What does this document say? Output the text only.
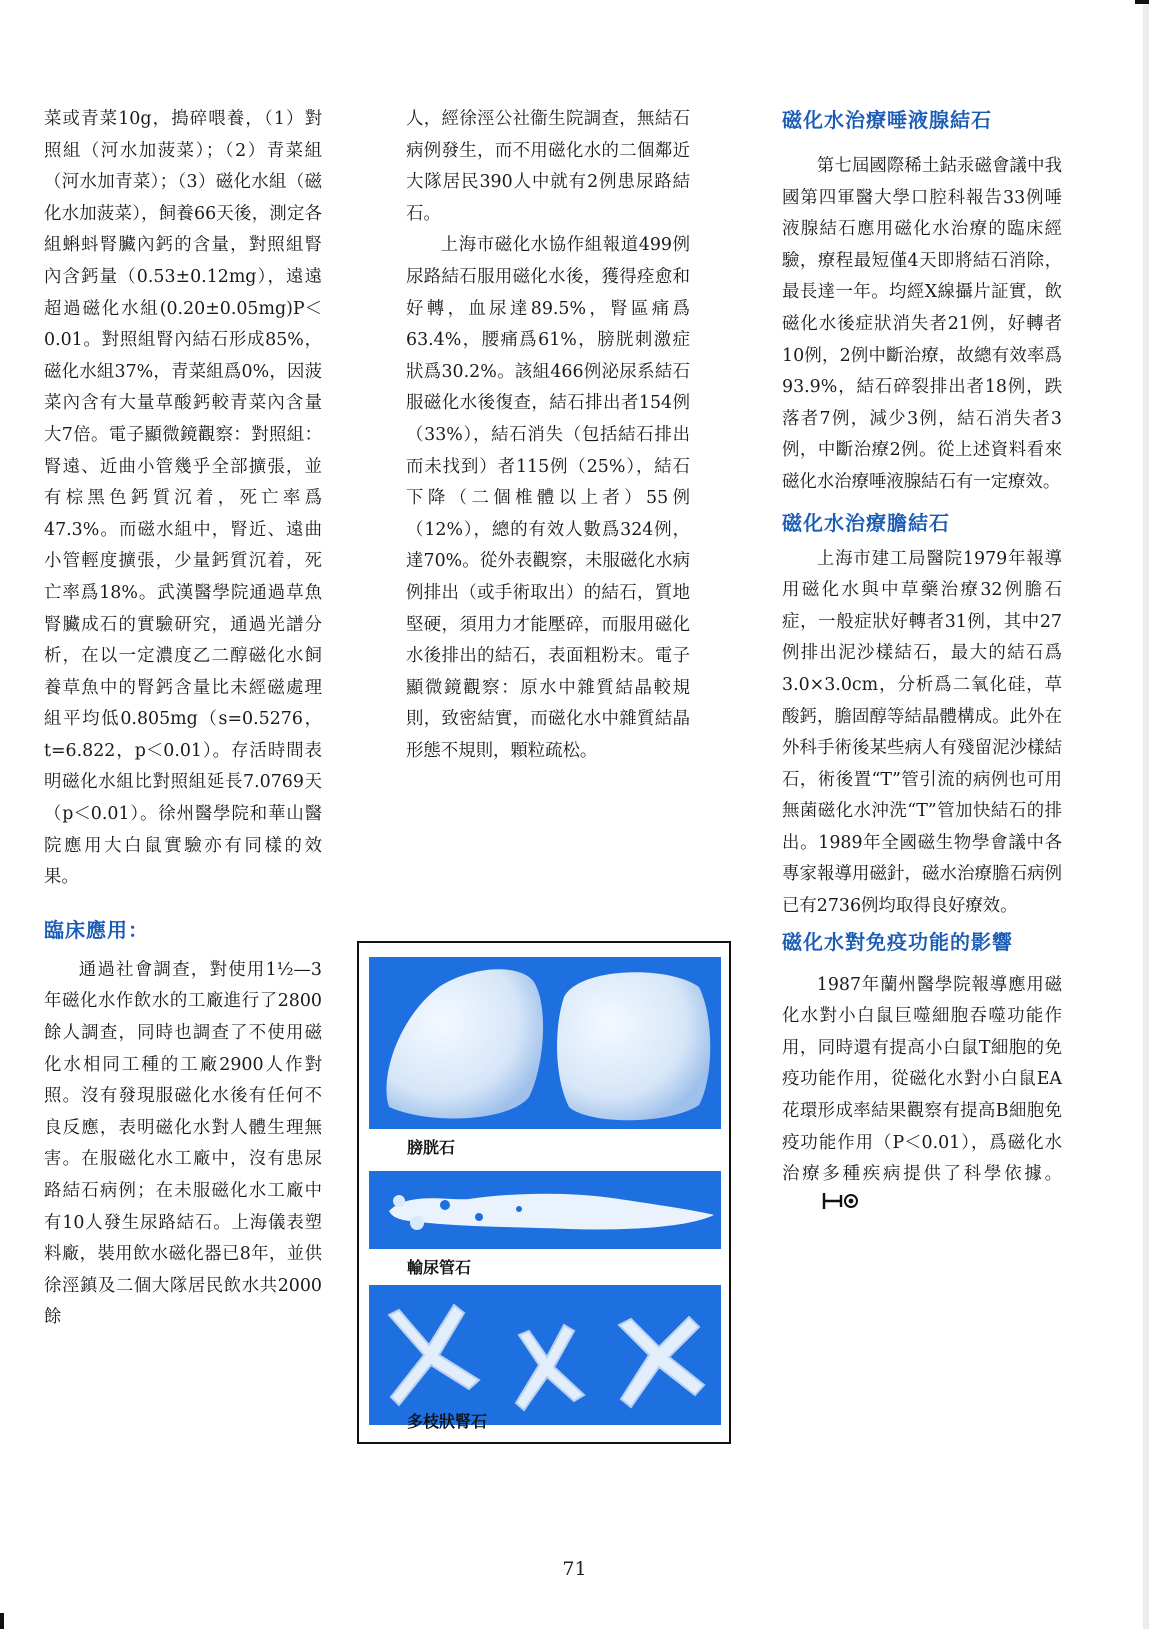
菜或青菜10g，搗碎喂養，（1）對照組（河水加菠菜）；（2）青菜組（河水加青菜）；（3）磁化水組（磁化水加菠菜），飼養66天後，測定各組蝌蚪腎臟內鈣的含量，對照組腎內含鈣量（0.53±0.12mg），遠遠超過磁化水組(0.20±0.05mg)P＜0.01。對照組腎內結石形成85%，磁化水組37%，青菜組爲0%，因菠菜內含有大量草酸鈣較青菜內含量大7倍。電子顯微鏡觀察：對照組：腎遠、近曲小管幾乎全部擴張，並有棕黑色鈣質沉着，死亡率爲47.3%。而磁水組中，腎近、遠曲小管輕度擴張，少量鈣質沉着，死亡率爲18%。武漢醫學院通過草魚腎臟成石的實驗研究，通過光譜分析，在以一定濃度乙二醇磁化水飼養草魚中的腎鈣含量比未經磁處理組平均低0.805mg（s=0.5276，t=6.822，p＜0.01）。存活時間表明磁化水組比對照組延長7.0769天（p＜0.01）。徐州醫學院和華山醫院應用大白鼠實驗亦有同樣的效果。

臨床應用：

通過社會調查，對使用1½—3年磁化水作飲水的工廠進行了2800餘人調查，同時也調查了不使用磁化水相同工種的工廠2900人作對照。沒有發現服磁化水後有任何不良反應，表明磁化水對人體生理無害。在服磁化水工廠中，沒有患尿路結石病例；在未服磁化水工廠中有10人發生尿路結石。上海儀表塑料廠，裝用飲水磁化器已8年，並供徐涇鎮及二個大隊居民飲水共2000餘

人，經徐涇公社衞生院調查，無結石病例發生，而不用磁化水的二個鄰近大隊居民390人中就有2例患尿路結石。

上海市磁化水協作組報道499例尿路結石服用磁化水後，獲得痊愈和好轉，血尿達89.5%，腎區痛爲63.4%，腰痛爲61%，膀胱刺激症狀爲30.2%。該組466例泌尿系結石服磁化水後復查，結石排出者154例（33%），結石消失（包括結石排出而未找到）者115例（25%），結石下降（二個椎體以上者）55例（12%），總的有效人數爲324例，達70%。從外表觀察，未服磁化水病例排出（或手術取出）的結石，質地堅硬，須用力才能壓碎，而服用磁化水後排出的結石，表面粗粉末。電子顯微鏡觀察：原水中雜質結晶較規則，致密結實，而磁化水中雜質結晶形態不規則，顆粒疏松。

磁化水治療唾液腺結石

第七屆國際稀土鈷汞磁會議中我國第四軍醫大學口腔科報告33例唾液腺結石應用磁化水治療的臨床經驗，療程最短僅4天即將結石消除，最長達一年。均經X線攝片証實，飲磁化水後症狀消失者21例，好轉者10例，2例中斷治療，故總有效率爲93.9%，結石碎裂排出者18例，跌落者7例，減少3例，結石消失者3例，中斷治療2例。從上述資料看來磁化水治療唾液腺結石有一定療效。

磁化水治療膽結石

上海市建工局醫院1979年報導用磁化水與中草藥治療32例膽石症，一般症狀好轉者31例，其中27例排出泥沙樣結石，最大的結石爲3.0×3.0cm，分析爲二氧化硅，草酸鈣，膽固醇等結晶體構成。此外在外科手術後某些病人有殘留泥沙樣結石，術後置“T”管引流的病例也可用無菌磁化水沖洗“T”管加快結石的排出。1989年全國磁生物學會議中各專家報導用磁針，磁水治療膽石病例已有2736例均取得良好療效。

磁化水對免疫功能的影響

1987年蘭州醫學院報導應用磁化水對小白鼠巨噬細胞吞噬功能作用，同時還有提高小白鼠T細胞的免疫功能作用，從磁化水對小白鼠EA花環形成率結果觀察有提高B細胞免疫功能作用（P＜0.01），爲磁化水治療多種疾病提供了科學依據。

膀胱石
輸尿管石
多枝狀腎石
71
